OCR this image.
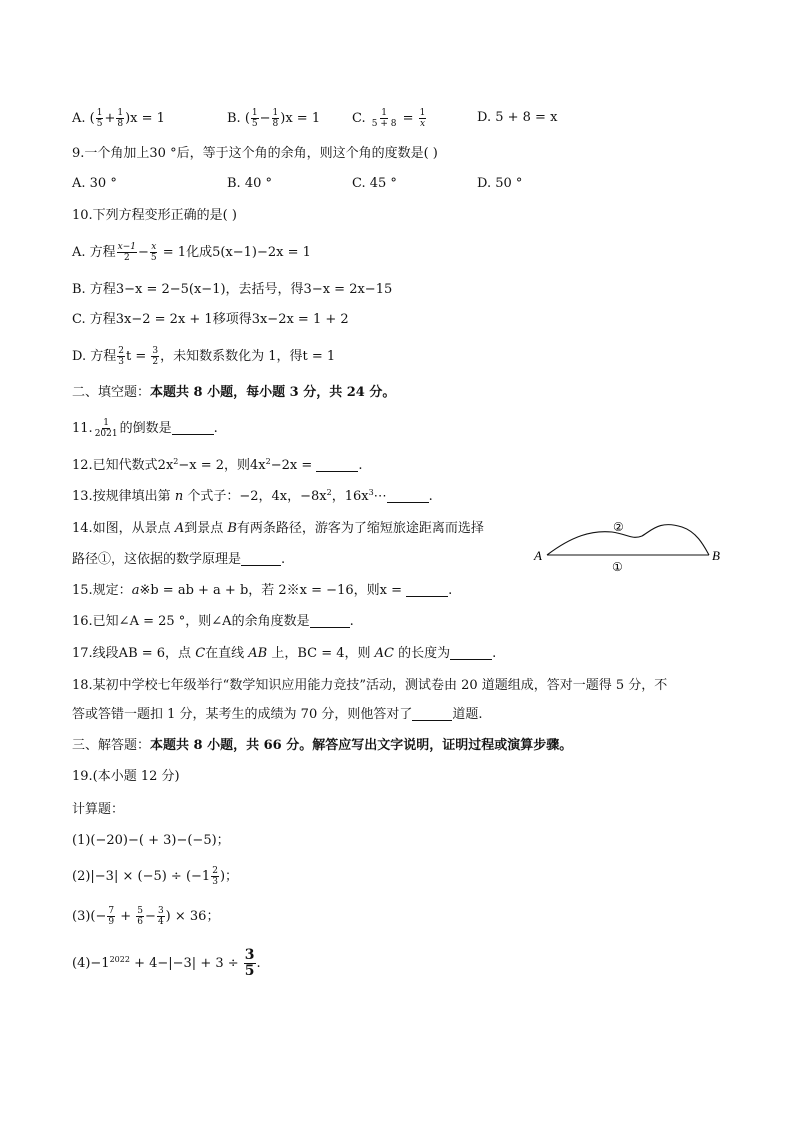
A. ( $\frac{1}{5} + \frac{1}{8} )x = 1$	B. ( $\frac{1}{5} - \frac{1}{8} )x = 1$ C. $\frac{1}{5 + 8} = \frac{1}{x}$	D. 5 + 8 = x
9.一个角加上30 °后，等于这个角的余角，则这个角的度数是( )
A. 30 °	B. 40 °	C. 45 °	D. 50 °
10.下列方程变形正确的是( )
A. 方程 $\frac{x-1}{2} - \frac{x}{5} = 1$化成5(x−1)−2x = 1
B. 方程3−x = 2−5(x−1)，去括号，得3−x = 2x−15
C. 方程3x−2 = 2x + 1移项得3x−2x = 1 + 2
D. 方程 $\frac{2}{3}$ $t = \frac{3}{2}$ ，未知数系数化为 1，得t = 1
二、填空题：本题共 8 小题，每小题 3 分，共 24 分。
11. $\frac{1}{2021}$ 的倒数是	.
12.已知代数式$2x^2-x = 2$，则$4x^2-2x$ =	.
13.按规律填出第 n 个式子：−2，4x，$-8x^2$，$16x^3\cdots$	.
14.如图，从景点 A到景点 B有两条路径，游客为了缩短旅途距离而选择
路径①，这依据的数学原理是	.	A	B
①
②
15.规定：a※b = ab + a + b，若 2※x = −16，则x =	.
16.已知∠A = 25 °，则∠A的余角度数是	.
17.线段AB = 6，点 C在直线 AB 上，BC = 4，则 AC 的长度为	.
18.某初中学校七年级举行“数学知识应用能力竞技”活动，测试卷由 20 道题组成，答对一题得 5 分，不
答或答错一题扣 1 分，某考生的成绩为 70 分，则他答对了	道题.
三、解答题：本题共 8 小题，共 66 分。解答应写出文字说明，证明过程或演算步骤。
19.(本小题 12 分)
计算题：
(1)(−20)−( + 3)−(−5)；
$(2)|-3| \times (-5) \div (-1 \frac{2}{3}$ )；
$(3)(- \frac{7}{9} + \frac{5}{6} - \frac{3}{4}$ ) × 36；
$(4)-1^{2022} + 4-|-3| + 3 \div \frac{3}{5}$ .
